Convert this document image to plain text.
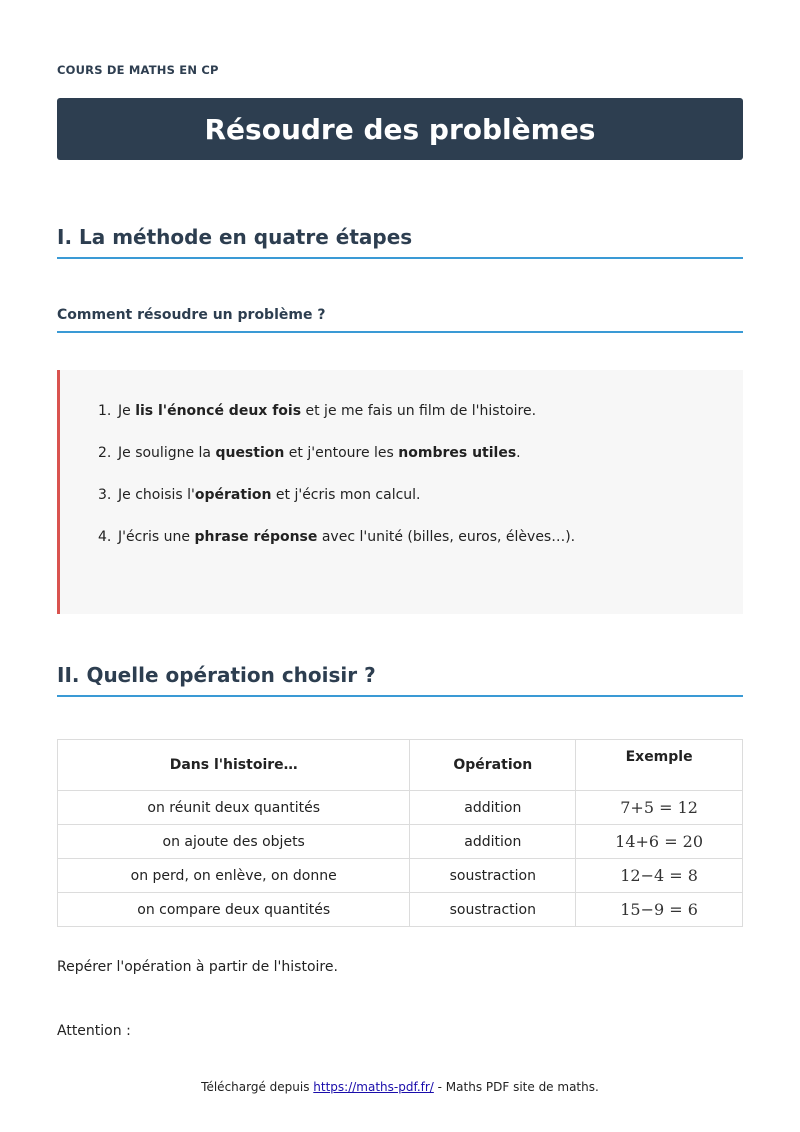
COURS DE MATHS EN CP
Résoudre des problèmes
I. La méthode en quatre étapes
Comment résoudre un problème ?
1. Je lis l'énoncé deux fois et je me fais un film de l'histoire.
2. Je souligne la question et j'entoure les nombres utiles.
3. Je choisis l'opération et j'écris mon calcul.
4. J'écris une phrase réponse avec l'unité (billes, euros, élèves…).
II. Quelle opération choisir ?
Dans l'histoire…	Opération	Exemple
on réunit deux quantités	addition	7+5 = 12
on ajoute des objets	addition	14+6 = 20
on perd, on enlève, on donne	soustraction	12−4 = 8
on compare deux quantités	soustraction	15−9 = 6

Repérer l'opération à partir de l'histoire.

Attention :

Téléchargé depuis https://maths-pdf.fr/ - Maths PDF site de maths.
